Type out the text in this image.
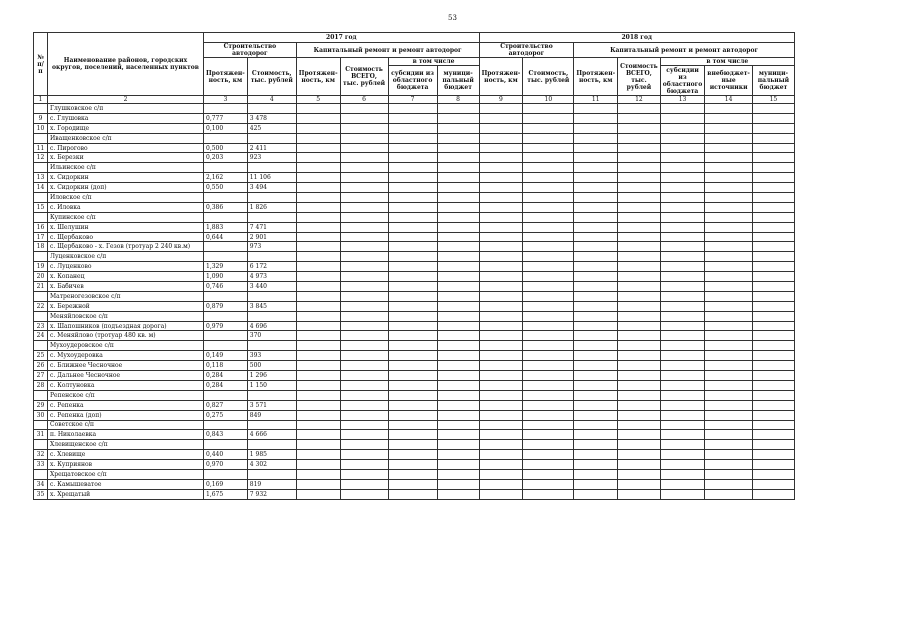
53
№ п/п	Наименование районов, городских округов, поселений, населенных пунктов	2017 год						2018 год						
		Строительство автодорог		Капитальный ремонт и ремонт автодорог				Строительство автодорог		Капитальный ремонт и ремонт автодорог				
		Протяжен-ность, км	Стоимость, тыс. рублей	Протяжен-ность, км	Стоимость ВСЕГО, тыс. рублей	в том числе		Протяжен-ность, км	Стоимость, тыс. рублей	Протяжен-ность, км	Стоимость ВСЕГО, тыс. рублей	в том числе		
						субсидии из областного бюджета	муници-пальный бюджет					субсидии из областного бюджета	внебюджет-ные источники	муници-пальный бюджет
1	2	3	4	5	6	7	8	9	10	11	12	13	14	15
	Глушковское с/п													
9	с. Глушовка	0,777	3 478											
10	х. Городище	0,100	425											
	Иващенковское с/п													
11	с. Пирогово	0,500	2 411											
12	х. Березки	0,203	923											
	Ильинское с/п													
13	х. Сидоркин	2,162	11 106											
14	х. Сидоркин (доп)	0,550	3 494											
	Иловское с/п													
15	с. Иловка	0,386	1 826											
	Купинское с/п													
16	х. Шелушин	1,883	7 471											
17	с. Щербаково	0,644	2 901											
18	с. Щербаково - х. Гезов (тротуар 2 240 кв.м)		973											
	Луценковское с/п													
19	с. Луценково	1,329	6 172											
20	х. Копанец	1,090	4 973											
21	х. Бабичев	0,746	3 440											
	Матреногезовское с/п													
22	х. Бережной	0,879	3 845											
	Меняйловское с/п													
23	х. Шапошников (подъездная дорога)	0,979	4 696											
24	с. Меняйлово (тротуар 480 кв. м)		370											
	Мухоудеровское с/п													
25	с. Мухоудеровка	0,149	393											
26	с. Ближнее Чесночное	0,118	500											
27	с. Дальнее Чесночное	0,284	1 296											
28	с. Колтуновка	0,284	1 150											
	Репенское с/п													
29	с. Репенка	0,827	3 571											
30	с. Репенка (доп)	0,275	849											
	Советское с/п													
31	п. Николаевка	0,843	4 666											
	Хлевищенское с/п													
32	с. Хлевище	0,440	1 985											
33	х. Куприянов	0,970	4 302											
	Хрещатовское с/п													
34	с. Камышеватое	0,169	819											
35	х. Хрещатый	1,675	7 932											
